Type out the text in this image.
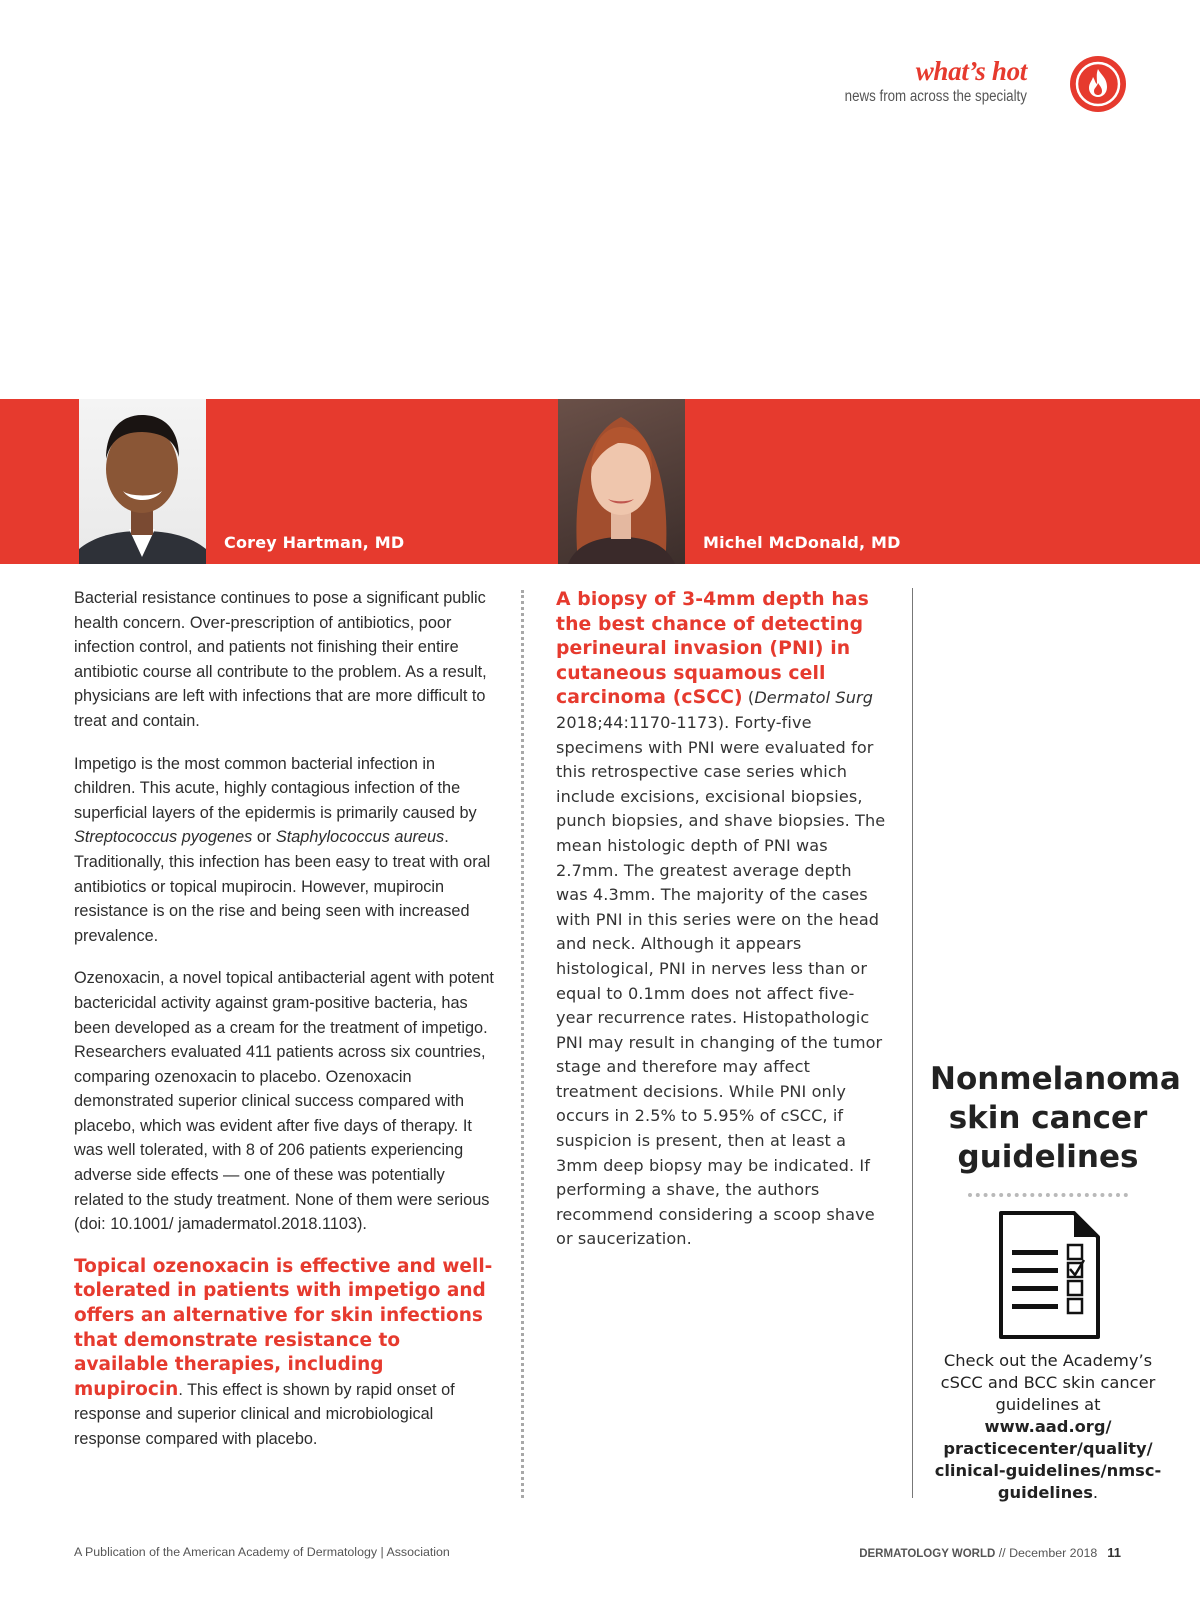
what’s hot
news from across the specialty
Corey Hartman, MD	Michel McDonald, MD

Bacterial resistance continues to pose a significant public health concern. Over-prescription of antibiotics, poor infection control, and patients not finishing their entire antibiotic course all contribute to the problem. As a result, physicians are left with infections that are more difficult to treat and contain.

Impetigo is the most common bacterial infection in children. This acute, highly contagious infection of the superficial layers of the epidermis is primarily caused by Streptococcus pyogenes or Staphylococcus aureus. Traditionally, this infection has been easy to treat with oral antibiotics or topical mupirocin. However, mupirocin resistance is on the rise and being seen with increased prevalence.

Ozenoxacin, a novel topical antibacterial agent with potent bactericidal activity against gram-positive bacteria, has been developed as a cream for the treatment of impetigo. Researchers evaluated 411 patients across six countries, comparing ozenoxacin to placebo. Ozenoxacin demonstrated superior clinical success compared with placebo, which was evident after five days of therapy. It was well tolerated, with 8 of 206 patients experiencing adverse side effects — one of these was potentially related to the study treatment. None of them were serious (doi: 10.1001/ jamadermatol.2018.1103).

Topical ozenoxacin is effective and well-tolerated in patients with impetigo and offers an alternative for skin infections that demonstrate resistance to available therapies, including mupirocin. This effect is shown by rapid onset of response and superior clinical and microbiological response compared with placebo.

A biopsy of 3-4mm depth has the best chance of detecting perineural invasion (PNI) in cutaneous squamous cell carcinoma (cSCC) (Dermatol Surg 2018;44:1170-1173). Forty-five specimens with PNI were evaluated for this retrospective case series which include excisions, excisional biopsies, punch biopsies, and shave biopsies. The mean histologic depth of PNI was 2.7mm. The greatest average depth was 4.3mm. The majority of the cases with PNI in this series were on the head and neck. Although it appears histological, PNI in nerves less than or equal to 0.1mm does not affect five-year recurrence rates. Histopathologic PNI may result in changing of the tumor stage and therefore may affect treatment decisions. While PNI only occurs in 2.5% to 5.95% of cSCC, if suspicion is present, then at least a 3mm deep biopsy may be indicated. If performing a shave, the authors recommend considering a scoop shave or saucerization.
Nonmelanoma skin cancer guidelines
Check out the Academy’s cSCC and BCC skin cancer guidelines at www.aad.org/ practicecenter/quality/ clinical-guidelines/nmsc-guidelines.
A Publication of the American Academy of Dermatology | Association	DERMATOLOGY WORLD // December 2018 11
